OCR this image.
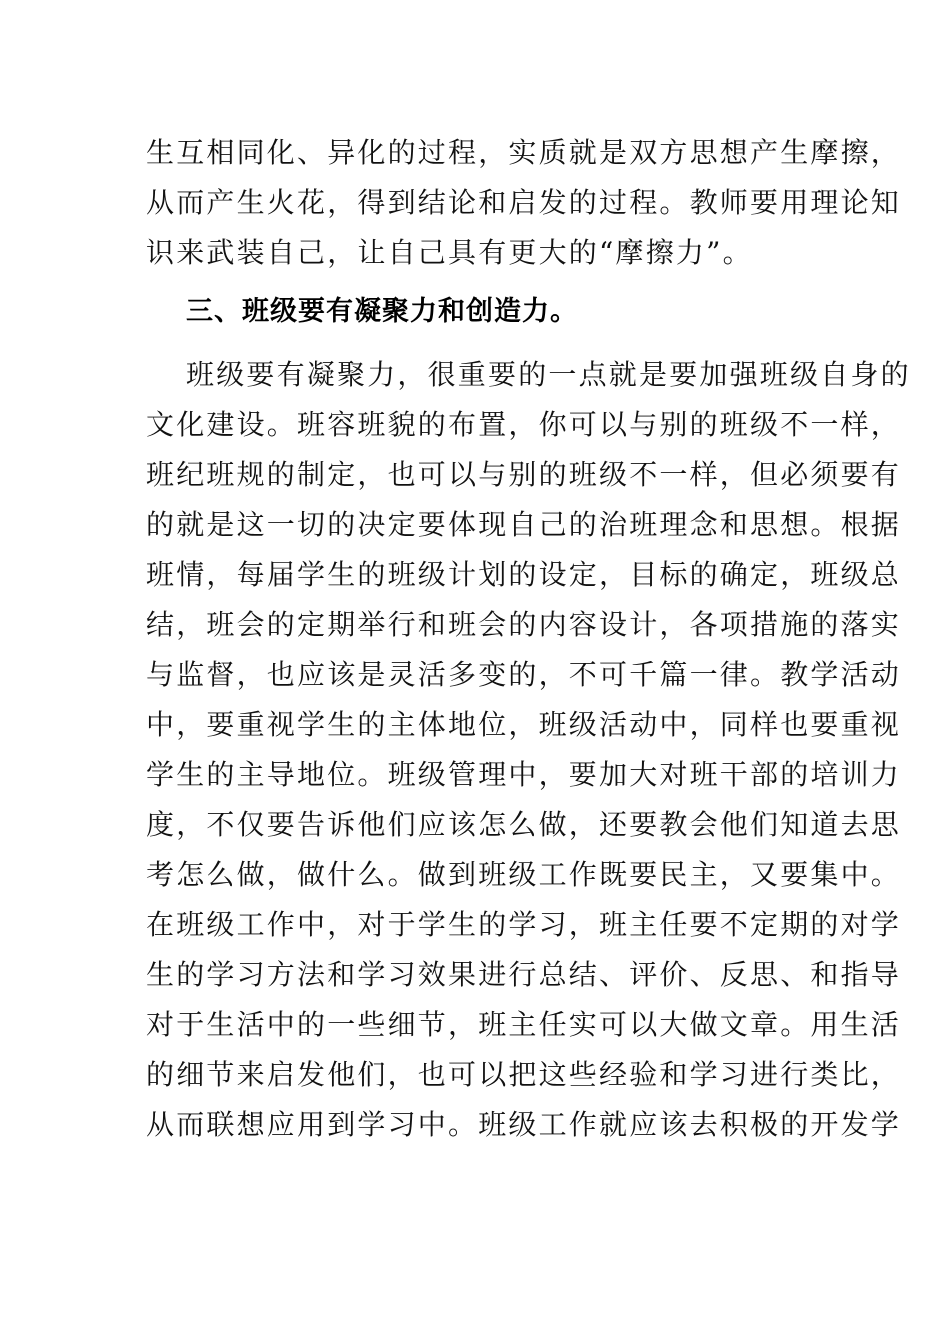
生互相同化、异化的过程，实质就是双方思想产生摩擦，
从而产生火花，得到结论和启发的过程。教师要用理论知
识来武装自己，让自己具有更大的“摩擦力”。
三、班级要有凝聚力和创造力。
班级要有凝聚力，很重要的一点就是要加强班级自身的
文化建设。班容班貌的布置，你可以与别的班级不一样，
班纪班规的制定，也可以与别的班级不一样，但必须要有
的就是这一切的决定要体现自己的治班理念和思想。根据
班情，每届学生的班级计划的设定，目标的确定，班级总
结，班会的定期举行和班会的内容设计，各项措施的落实
与监督，也应该是灵活多变的，不可千篇一律。教学活动
中，要重视学生的主体地位，班级活动中，同样也要重视
学生的主导地位。班级管理中，要加大对班干部的培训力
度，不仅要告诉他们应该怎么做，还要教会他们知道去思
考怎么做，做什么。做到班级工作既要民主，又要集中。
在班级工作中，对于学生的学习，班主任要不定期的对学
生的学习方法和学习效果进行总结、评价、反思、和指导
对于生活中的一些细节，班主任实可以大做文章。用生活
的细节来启发他们，也可以把这些经验和学习进行类比，
从而联想应用到学习中。班级工作就应该去积极的开发学
